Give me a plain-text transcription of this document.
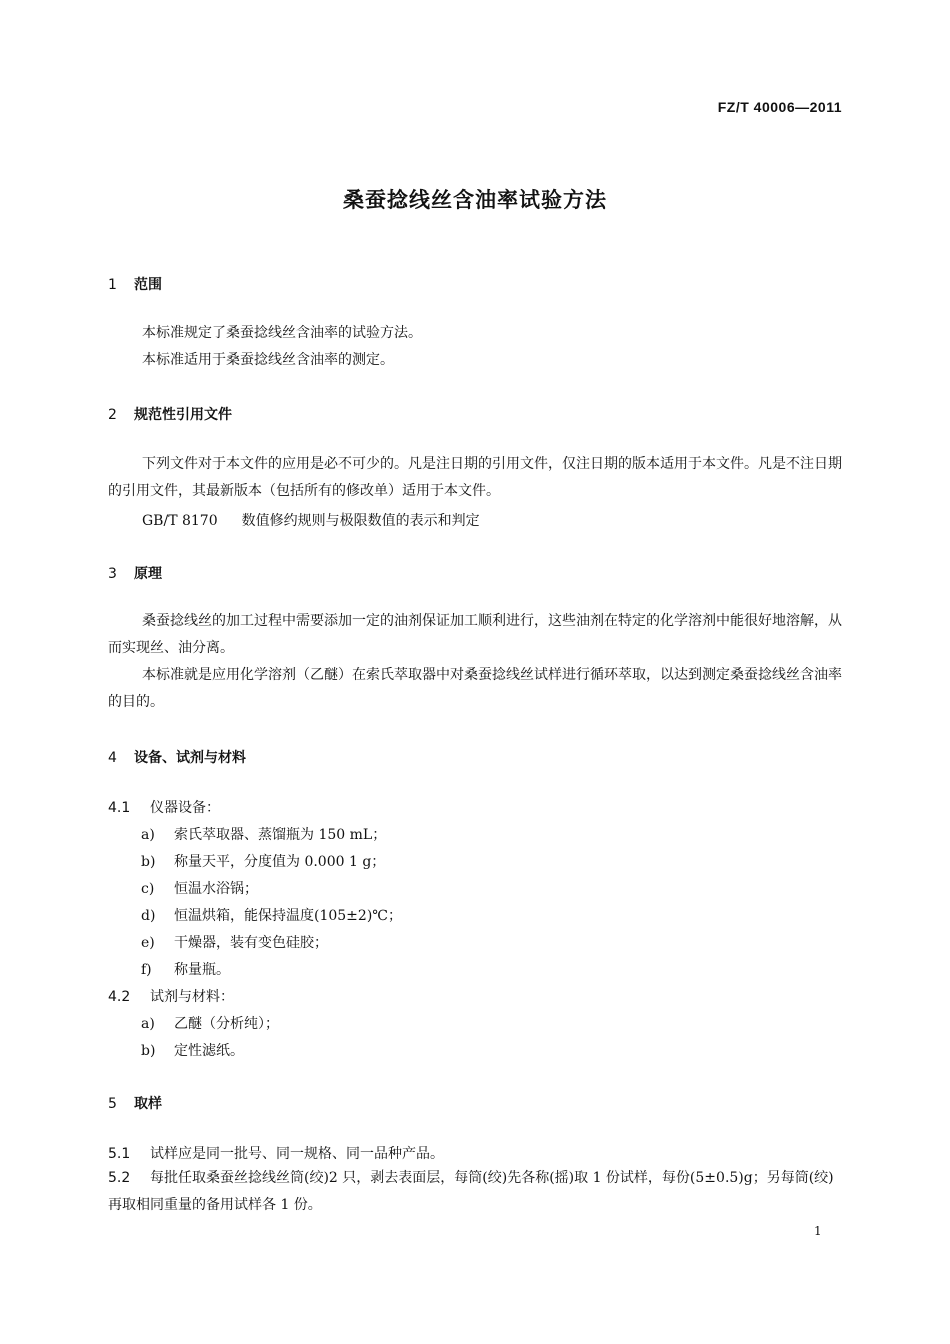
FZ/T 40006—2011
桑蚕捻线丝含油率试验方法
1 范围
本标准规定了桑蚕捻线丝含油率的试验方法。
本标准适用于桑蚕捻线丝含油率的测定。
2 规范性引用文件
下列文件对于本文件的应用是必不可少的。凡是注日期的引用文件，仅注日期的版本适用于本文件。凡是不注日期的引用文件，其最新版本（包括所有的修改单）适用于本文件。
GB/T 8170 数值修约规则与极限数值的表示和判定
3 原理
桑蚕捻线丝的加工过程中需要添加一定的油剂保证加工顺利进行，这些油剂在特定的化学溶剂中能很好地溶解，从而实现丝、油分离。
本标准就是应用化学溶剂（乙醚）在索氏萃取器中对桑蚕捻线丝试样进行循环萃取，以达到测定桑蚕捻线丝含油率的目的。
4 设备、试剂与材料
4.1 仪器设备：
a) 索氏萃取器、蒸馏瓶为 150 mL；
b) 称量天平，分度值为 0.000 1 g；
c) 恒温水浴锅；
d) 恒温烘箱，能保持温度(105±2)℃；
e) 干燥器，装有变色硅胶；
f) 称量瓶。
4.2 试剂与材料：
a) 乙醚（分析纯）；
b) 定性滤纸。
5 取样
5.1 试样应是同一批号、同一规格、同一品种产品。
5.2 每批任取桑蚕丝捻线丝筒(绞)2 只，剥去表面层，每筒(绞)先各称(摇)取 1 份试样，每份(5±0.5)g；另每筒(绞)再取相同重量的备用试样各 1 份。
1
